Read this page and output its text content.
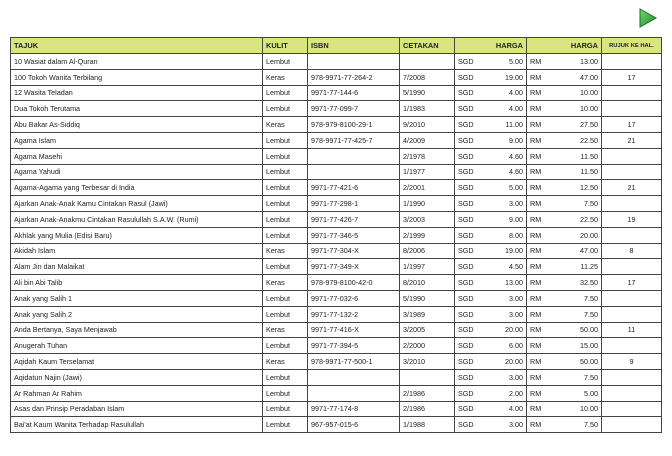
TAJUK	KULIT	ISBN	CETAKAN	HARGA	HARGA	RUJUK KE HAL.
10 Wasiat dalam Al-Quran	Lembut			SGD 5.00	RM 13.00	

100 Tokoh Wanita Terbilang	Keras	978-9971-77-264-2	7/2008	SGD 19.00	RM 47.00	17
12 Wasita Teladan	Lembut	9971-77-144-6	5/1990	SGD 4.00	RM 10.00	

Dua Tokoh Terutama	Lembut	9971-77-099-7	1/1983	SGD 4.00	RM 10.00	

Abu Bakar As-Siddiq	Keras	978-979-8100-29-1	9/2010	SGD 11.00	RM 27.50	17
Agama Islam	Lembut	978-9971-77-425-7	4/2009	SGD 9.00	RM 22.50	21
Agama Masehi	Lembut		2/1978	SGD 4.60	RM 11.50	

Agama Yahudi	Lembut		1/1977	SGD 4.60	RM 11.50	

Agama-Agama yang Terbesar di India	Lembut	9971-77-421-6	2/2001	SGD 5.00	RM 12.50	21
Ajarkan Anak-Anak Kamu Cintakan Rasul (Jawi)	Lembut	9971-77-298-1	1/1990	SGD 3.00	RM 7.50	

Ajarkan Anak-Anakmu Cintakan Rasulullah S.A.W. (Rumi)	Lembut	9971-77-426-7	3/2003	SGD 9.00	RM 22.50	19
Akhlak yang Mulia (Edisi Baru)	Lembut	9971-77-346-5	2/1999	SGD 8.00	RM 20.00	

Akidah Islam	Keras	9971-77-304-X	8/2006	SGD 19.00	RM 47.00	8
Alam Jin dan Malaikat	Lembut	9971-77-349-X	1/1997	SGD 4.50	RM 11.25	

Ali bin Abi Talib	Keras	978-979-8100-42-0	8/2010	SGD 13.00	RM 32.50	17
Anak yang Salih 1	Lembut	9971-77-032-6	5/1990	SGD 3.00	RM 7.50	

Anak yang Salih 2	Lembut	9971-77-132-2	3/1989	SGD 3.00	RM 7.50	

Anda Bertanya, Saya Menjawab	Keras	9971-77-416-X	3/2005	SGD 20.00	RM 50.00	11
Anugerah Tuhan	Lembut	9971-77-394-5	2/2000	SGD 6.00	RM 15.00	

Aqidah Kaum Terselamat	Keras	978-9971-77-500-1	3/2010	SGD 20.00	RM 50.00	9
Aqidatun Najin (Jawi)	Lembut			SGD 3.00	RM 7.50	

Ar Rahman Ar Rahim	Lembut		2/1986	SGD 2.00	RM 5.00	

Asas dan Prinsip Peradaban Islam	Lembut	9971-77-174-8	2/1986	SGD 4.00	RM 10.00	

Bai'at Kaum Wanita Terhadap Rasulullah	Lembut	967-957-015-6	1/1988	SGD 3.00	RM 7.50	
